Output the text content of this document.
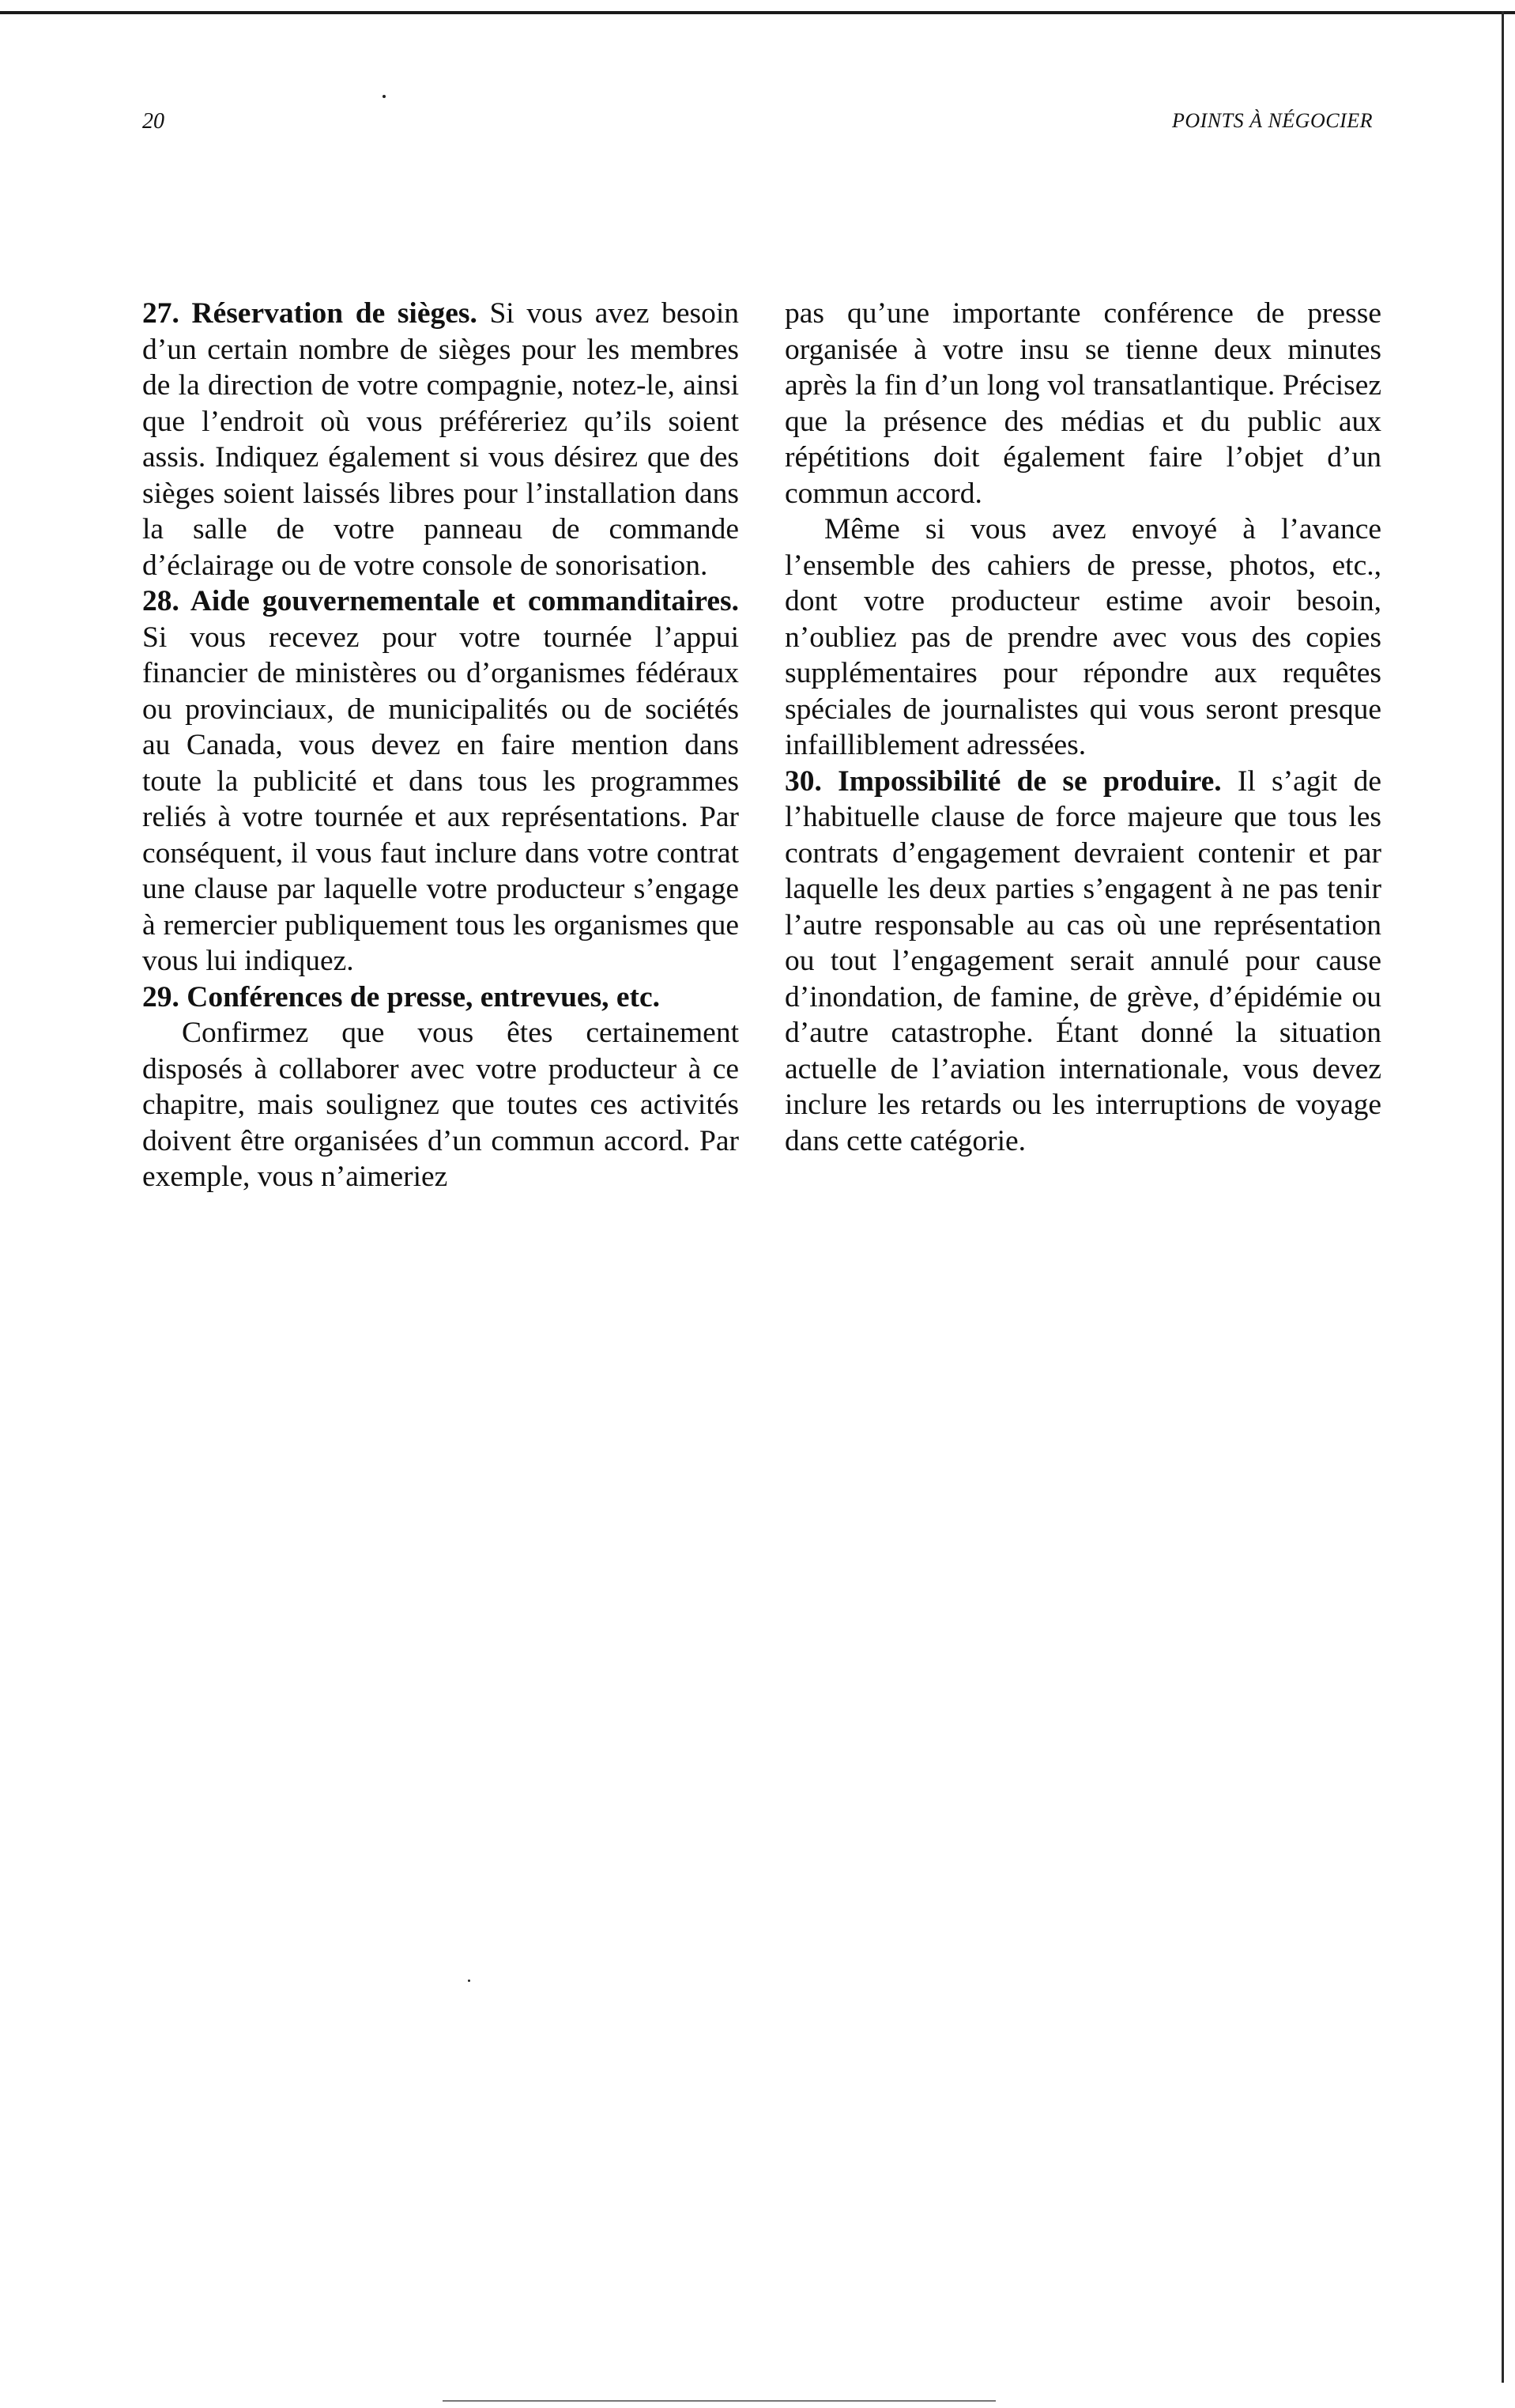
20	POINTS À NÉGOCIER

27. Réservation de sièges. Si vous avez besoin d’un certain nombre de sièges pour les membres de la direction de votre compagnie, notez-le, ainsi que l’endroit où vous préféreriez qu’ils soient assis. Indiquez également si vous désirez que des sièges soient laissés libres pour l’installation dans la salle de votre panneau de commande d’éclairage ou de votre console de sonorisation.

28. Aide gouvernementale et commanditaires. Si vous recevez pour votre tournée l’appui financier de ministères ou d’organismes fédéraux ou provinciaux, de municipalités ou de sociétés au Canada, vous devez en faire mention dans toute la publicité et dans tous les programmes reliés à votre tournée et aux représentations. Par conséquent, il vous faut inclure dans votre contrat une clause par laquelle votre producteur s’engage à remercier publiquement tous les organismes que vous lui indiquez.

29. Conférences de presse, entrevues, etc.

Confirmez que vous êtes certainement disposés à collaborer avec votre producteur à ce chapitre, mais soulignez que toutes ces activités doivent être organisées d’un commun accord. Par exemple, vous n’aimeriez

pas qu’une importante conférence de presse organisée à votre insu se tienne deux minutes après la fin d’un long vol transatlantique. Précisez que la présence des médias et du public aux répétitions doit également faire l’objet d’un commun accord.

Même si vous avez envoyé à l’avance l’ensemble des cahiers de presse, photos, etc., dont votre producteur estime avoir besoin, n’oubliez pas de prendre avec vous des copies supplémentaires pour répondre aux requêtes spéciales de journalistes qui vous seront presque infailliblement adressées.

30. Impossibilité de se produire. Il s’agit de l’habituelle clause de force majeure que tous les contrats d’engagement devraient contenir et par laquelle les deux parties s’engagent à ne pas tenir l’autre responsable au cas où une représentation ou tout l’engagement serait annulé pour cause d’inondation, de famine, de grève, d’épidémie ou d’autre catastrophe. Étant donné la situation actuelle de l’aviation internationale, vous devez inclure les retards ou les interruptions de voyage dans cette catégorie.
